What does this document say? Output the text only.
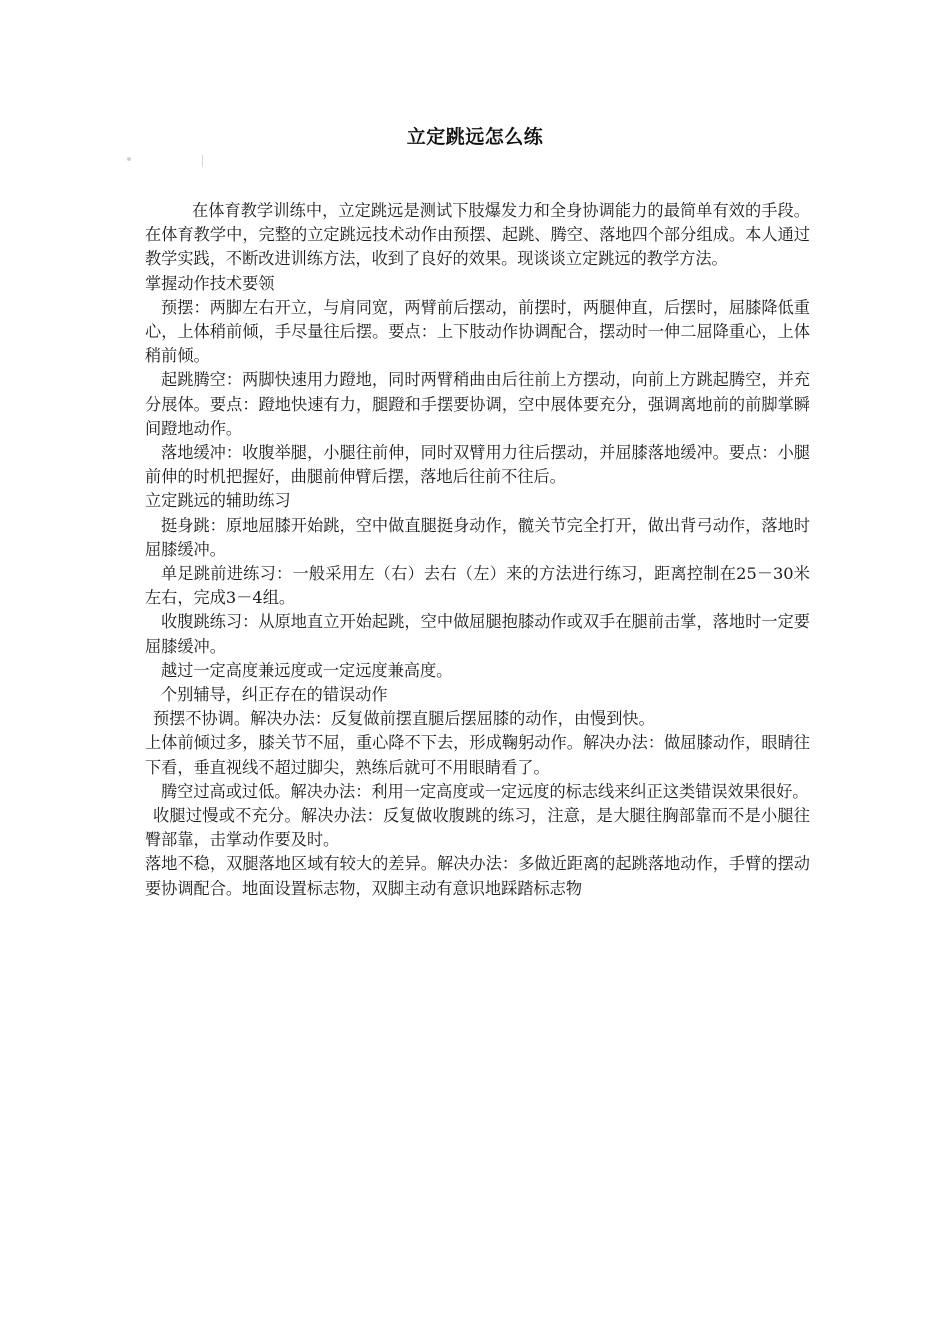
立定跳远怎么练

在体育教学训练中，立定跳远是测试下肢爆发力和全身协调能力的最简单有效的手段。在体育教学中，完整的立定跳远技术动作由预摆、起跳、腾空、落地四个部分组成。本人通过教学实践，不断改进训练方法，收到了良好的效果。现谈谈立定跳远的教学方法。

掌握动作技术要领

预摆：两脚左右开立，与肩同宽，两臂前后摆动，前摆时，两腿伸直，后摆时，屈膝降低重心，上体稍前倾，手尽量往后摆。要点：上下肢动作协调配合，摆动时一伸二屈降重心，上体稍前倾。

起跳腾空：两脚快速用力蹬地，同时两臂稍曲由后往前上方摆动，向前上方跳起腾空，并充分展体。要点：蹬地快速有力，腿蹬和手摆要协调，空中展体要充分，强调离地前的前脚掌瞬间蹬地动作。

落地缓冲：收腹举腿，小腿往前伸，同时双臂用力往后摆动，并屈膝落地缓冲。要点：小腿前伸的时机把握好，曲腿前伸臂后摆，落地后往前不往后。

立定跳远的辅助练习

挺身跳：原地屈膝开始跳，空中做直腿挺身动作，髋关节完全打开，做出背弓动作，落地时屈膝缓冲。

单足跳前进练习：一般采用左（右）去右（左）来的方法进行练习，距离控制在25－30米左右，完成3－4组。

收腹跳练习：从原地直立开始起跳，空中做屈腿抱膝动作或双手在腿前击掌，落地时一定要屈膝缓冲。

越过一定高度兼远度或一定远度兼高度。

个别辅导，纠正存在的错误动作

预摆不协调。解决办法：反复做前摆直腿后摆屈膝的动作，由慢到快。

上体前倾过多，膝关节不屈，重心降不下去，形成鞠躬动作。解决办法：做屈膝动作，眼睛往下看，垂直视线不超过脚尖，熟练后就可不用眼睛看了。

腾空过高或过低。解决办法：利用一定高度或一定远度的标志线来纠正这类错误效果很好。

收腿过慢或不充分。解决办法：反复做收腹跳的练习，注意，是大腿往胸部靠而不是小腿往臀部靠，击掌动作要及时。

落地不稳，双腿落地区域有较大的差异。解决办法：多做近距离的起跳落地动作，手臂的摆动要协调配合。地面设置标志物，双脚主动有意识地踩踏标志物
